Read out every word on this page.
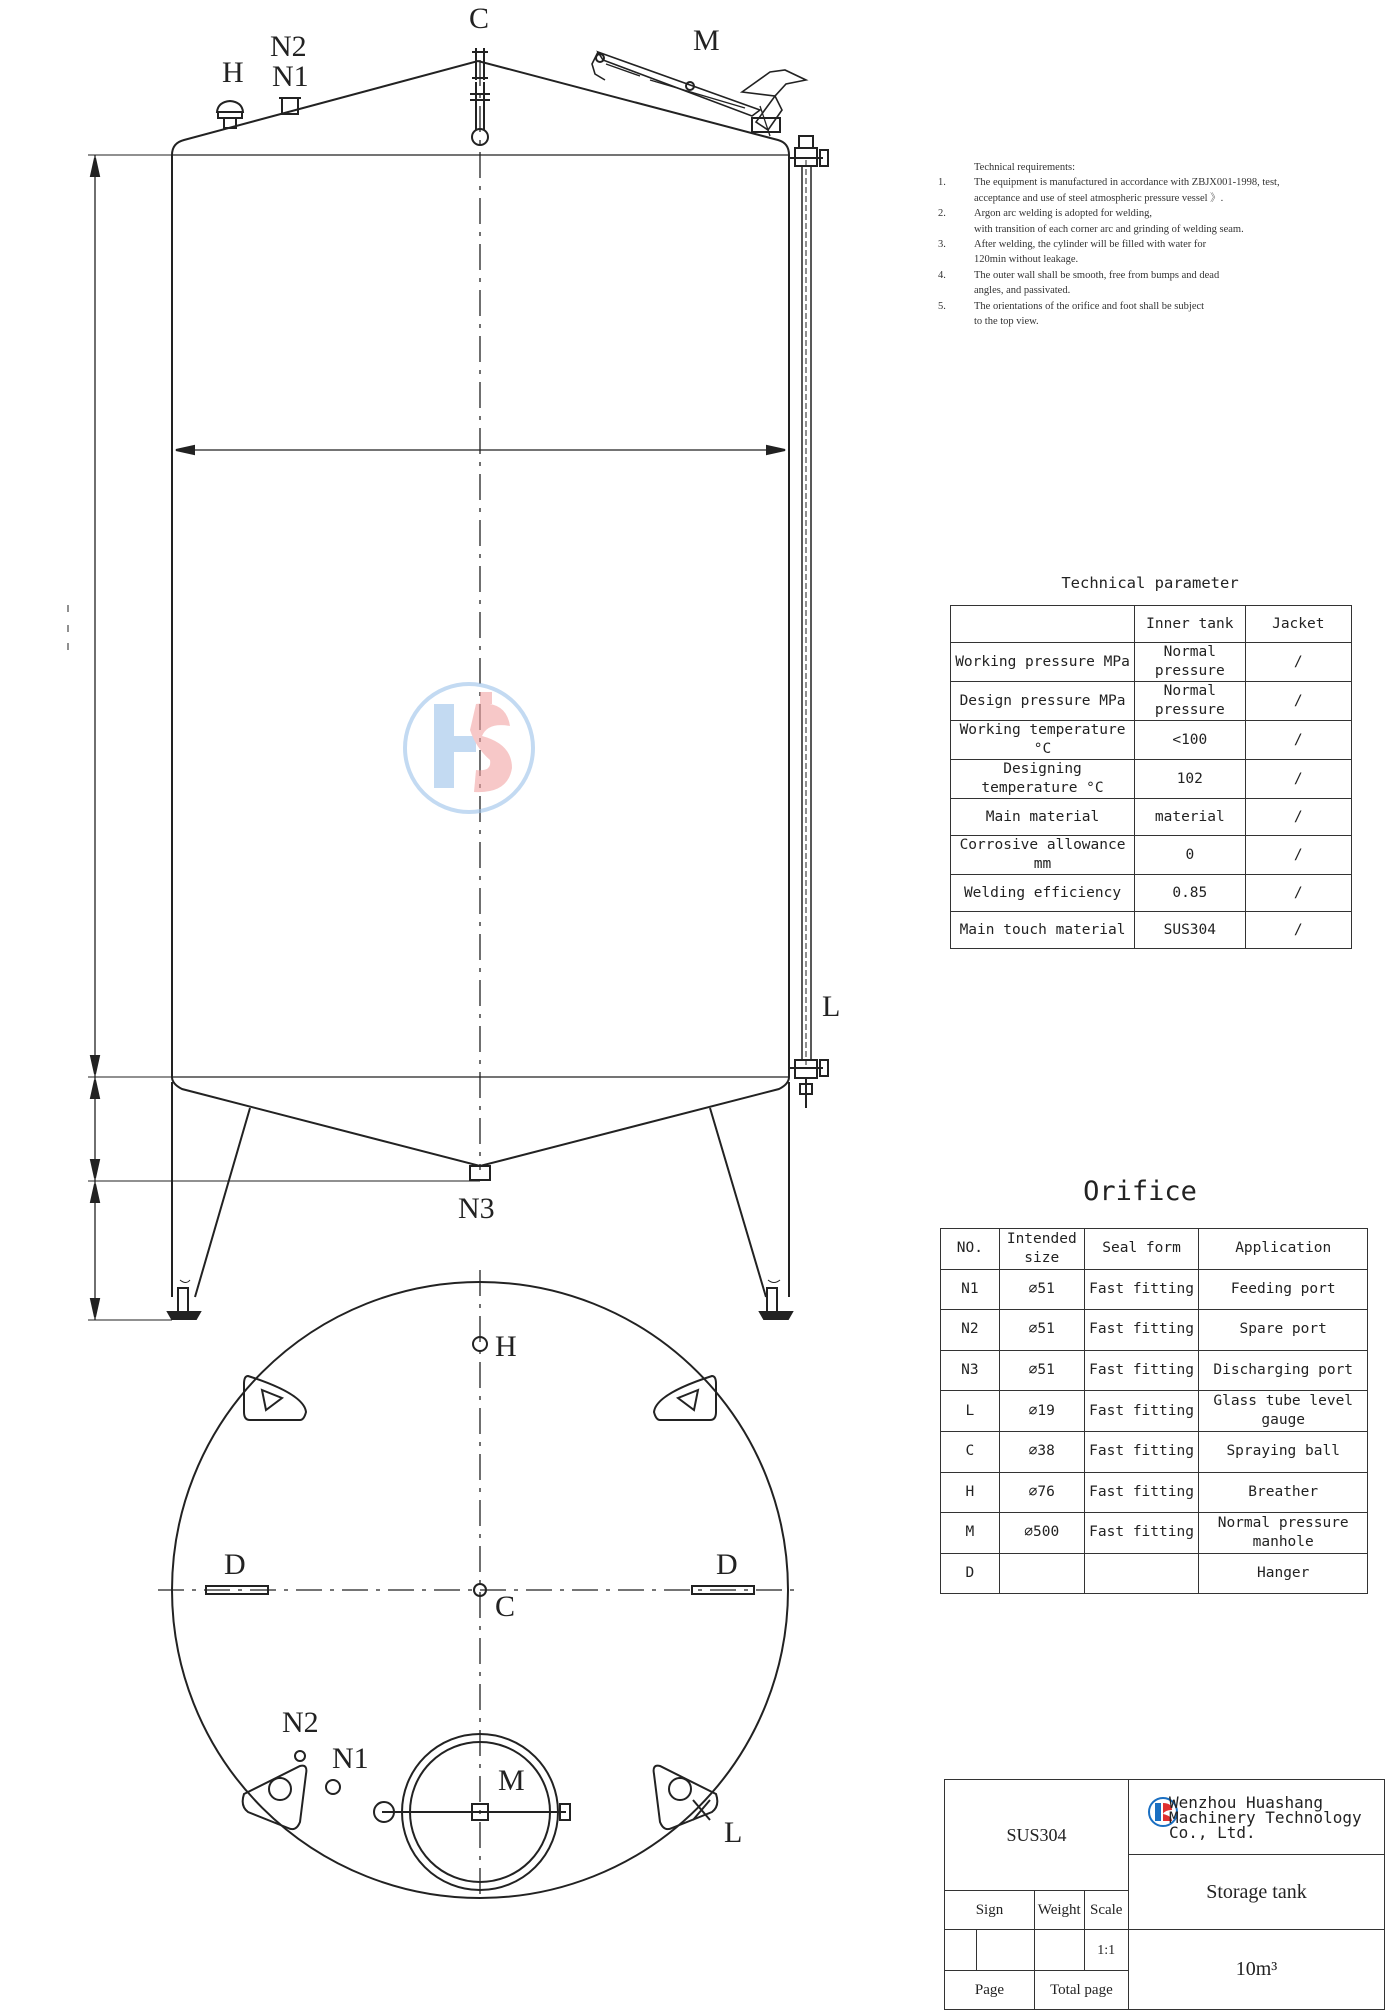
C
M
H
N2
N1
L
N3
H
D	D
C
N2
N1
M
L
Technical requirements:
1.	The equipment is manufactured in accordance with ZBJX001-1998, test,
acceptance and use of steel atmospheric pressure vessel 》.
2.	Argon arc welding is adopted for welding,
with transition of each corner arc and grinding of welding seam.
3.	After welding, the cylinder will be filled with water for
120min without leakage.
4.	The outer wall shall be smooth, free from bumps and dead
angles, and passivated.
5.	The orientations of the orifice and foot shall be subject
to the top view.
Technical parameter
	Inner tank	Jacket
Working pressure MPa	Normal pressure	/
Design pressure MPa	Normal pressure	/
Working temperature °C	<100	/
Designing temperature °C	102	/
Main material	material	/
Corrosive allowance mm	0	/
Welding efficiency	0.85	/
Main touch material	SUS304	/
Orifice
NO.	Intended size	Seal form	Application
N1	⌀51	Fast fitting	Feeding port
N2	⌀51	Fast fitting	Spare port
N3	⌀51	Fast fitting	Discharging port
L	⌀19	Fast fitting	Glass tube level gauge
C	⌀38	Fast fitting	Spraying ball
H	⌀76	Fast fitting	Breather
M	⌀500	Fast fitting	Normal pressure manhole
D			Hanger
SUS304				Wenzhou Huashang Machinery Technology Co., Ltd.
				Storage tank
Sign		Weight	Scale	
			1:1	10m³
Page		Total page		
